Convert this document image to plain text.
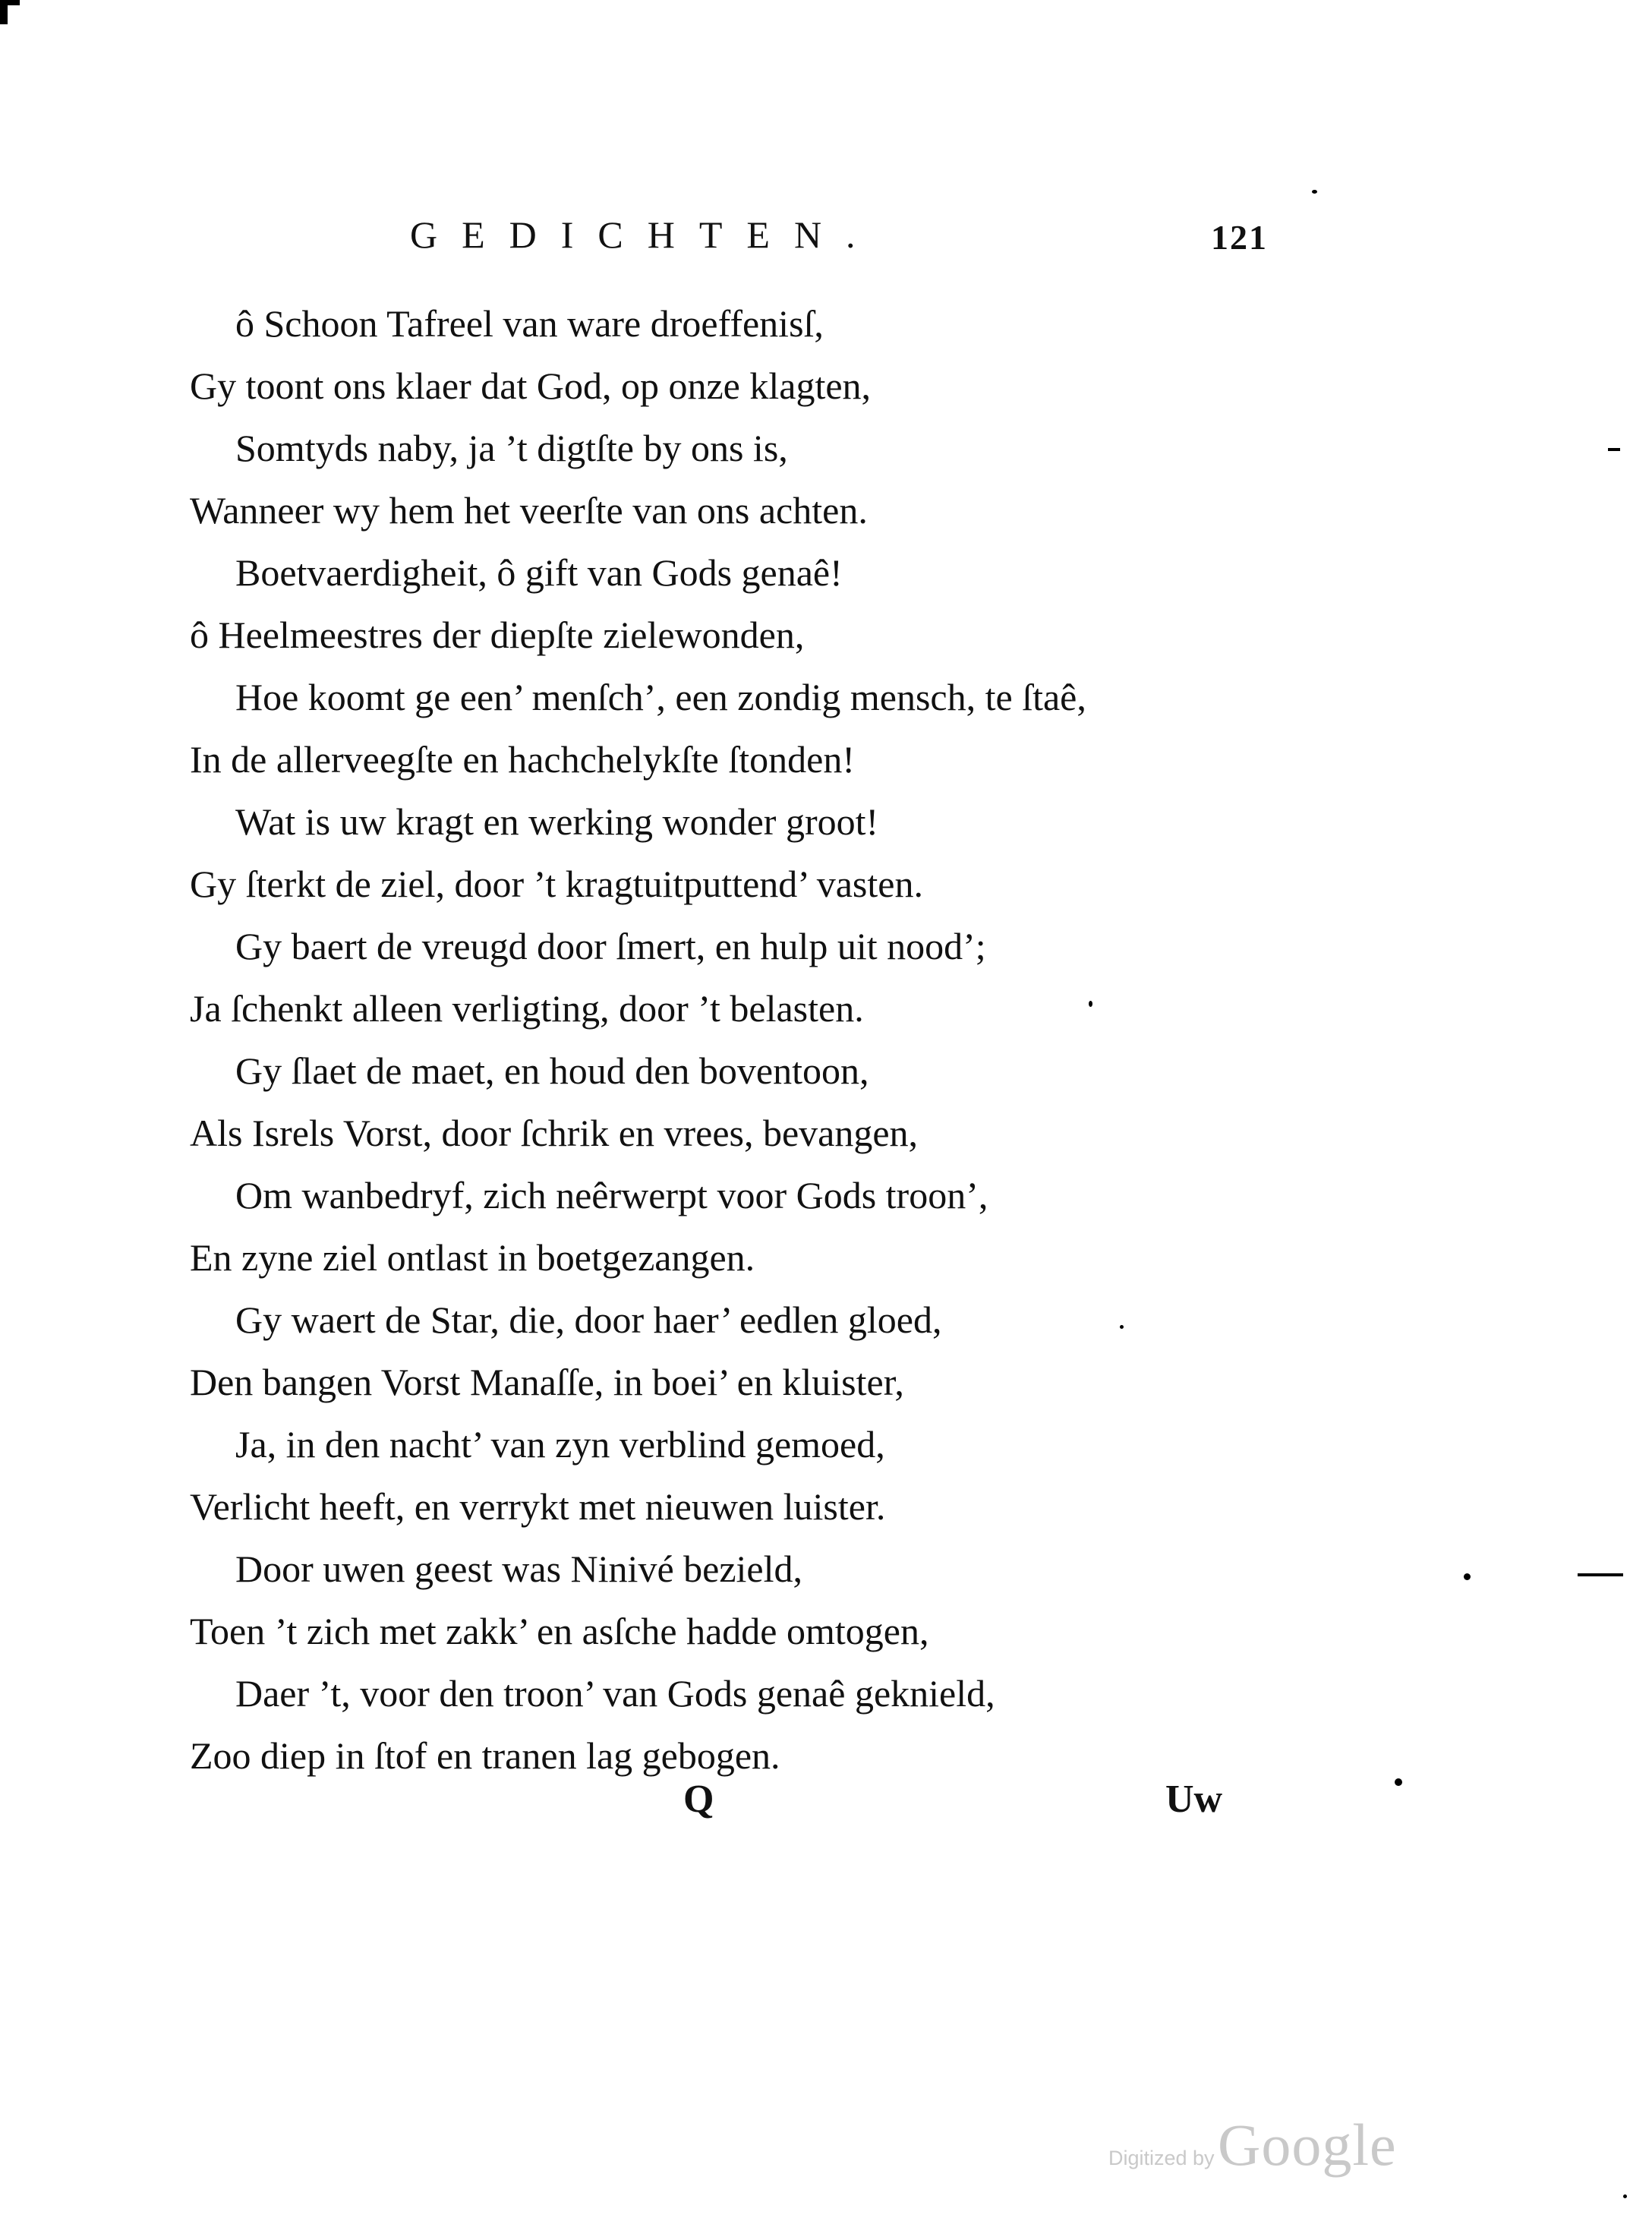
GEDICHTEN.	121
ô Schoon Tafreel van ware droeffenisſ,
Gy toont ons klaer dat God, op onze klagten,
Somtyds naby, ja ’t digtſte by ons is,
Wanneer wy hem het veerſte van ons achten.
Boetvaerdigheit, ô gift van Gods genaê!
ô Heelmeestres der diepſte zielewonden,
Hoe koomt ge een’ menſch’, een zondig mensch, te ſtaê,
In de allerveegſte en hachchelykſte ſtonden!
Wat is uw kragt en werking wonder groot!
Gy ſterkt de ziel, door ’t kragtuitputtend’ vasten.
Gy baert de vreugd door ſmert, en hulp uit nood’;
Ja ſchenkt alleen verligting, door ’t belasten.
Gy ſlaet de maet, en houd den boventoon,
Als Isrels Vorst, door ſchrik en vrees, bevangen,
Om wanbedryf, zich neêrwerpt voor Gods troon’,
En zyne ziel ontlast in boetgezangen.
Gy waert de Star, die, door haer’ eedlen gloed,
Den bangen Vorst Manaſſe, in boei’ en kluister,
Ja, in den nacht’ van zyn verblind gemoed,
Verlicht heeft, en verrykt met nieuwen luister.
Door uwen geest was Ninivé bezield,
Toen ’t zich met zakk’ en asſche hadde omtogen,
Daer ’t, voor den troon’ van Gods genaê geknield,
Zoo diep in ſtof en tranen lag gebogen.
Q	Uw
Digitized by Google
